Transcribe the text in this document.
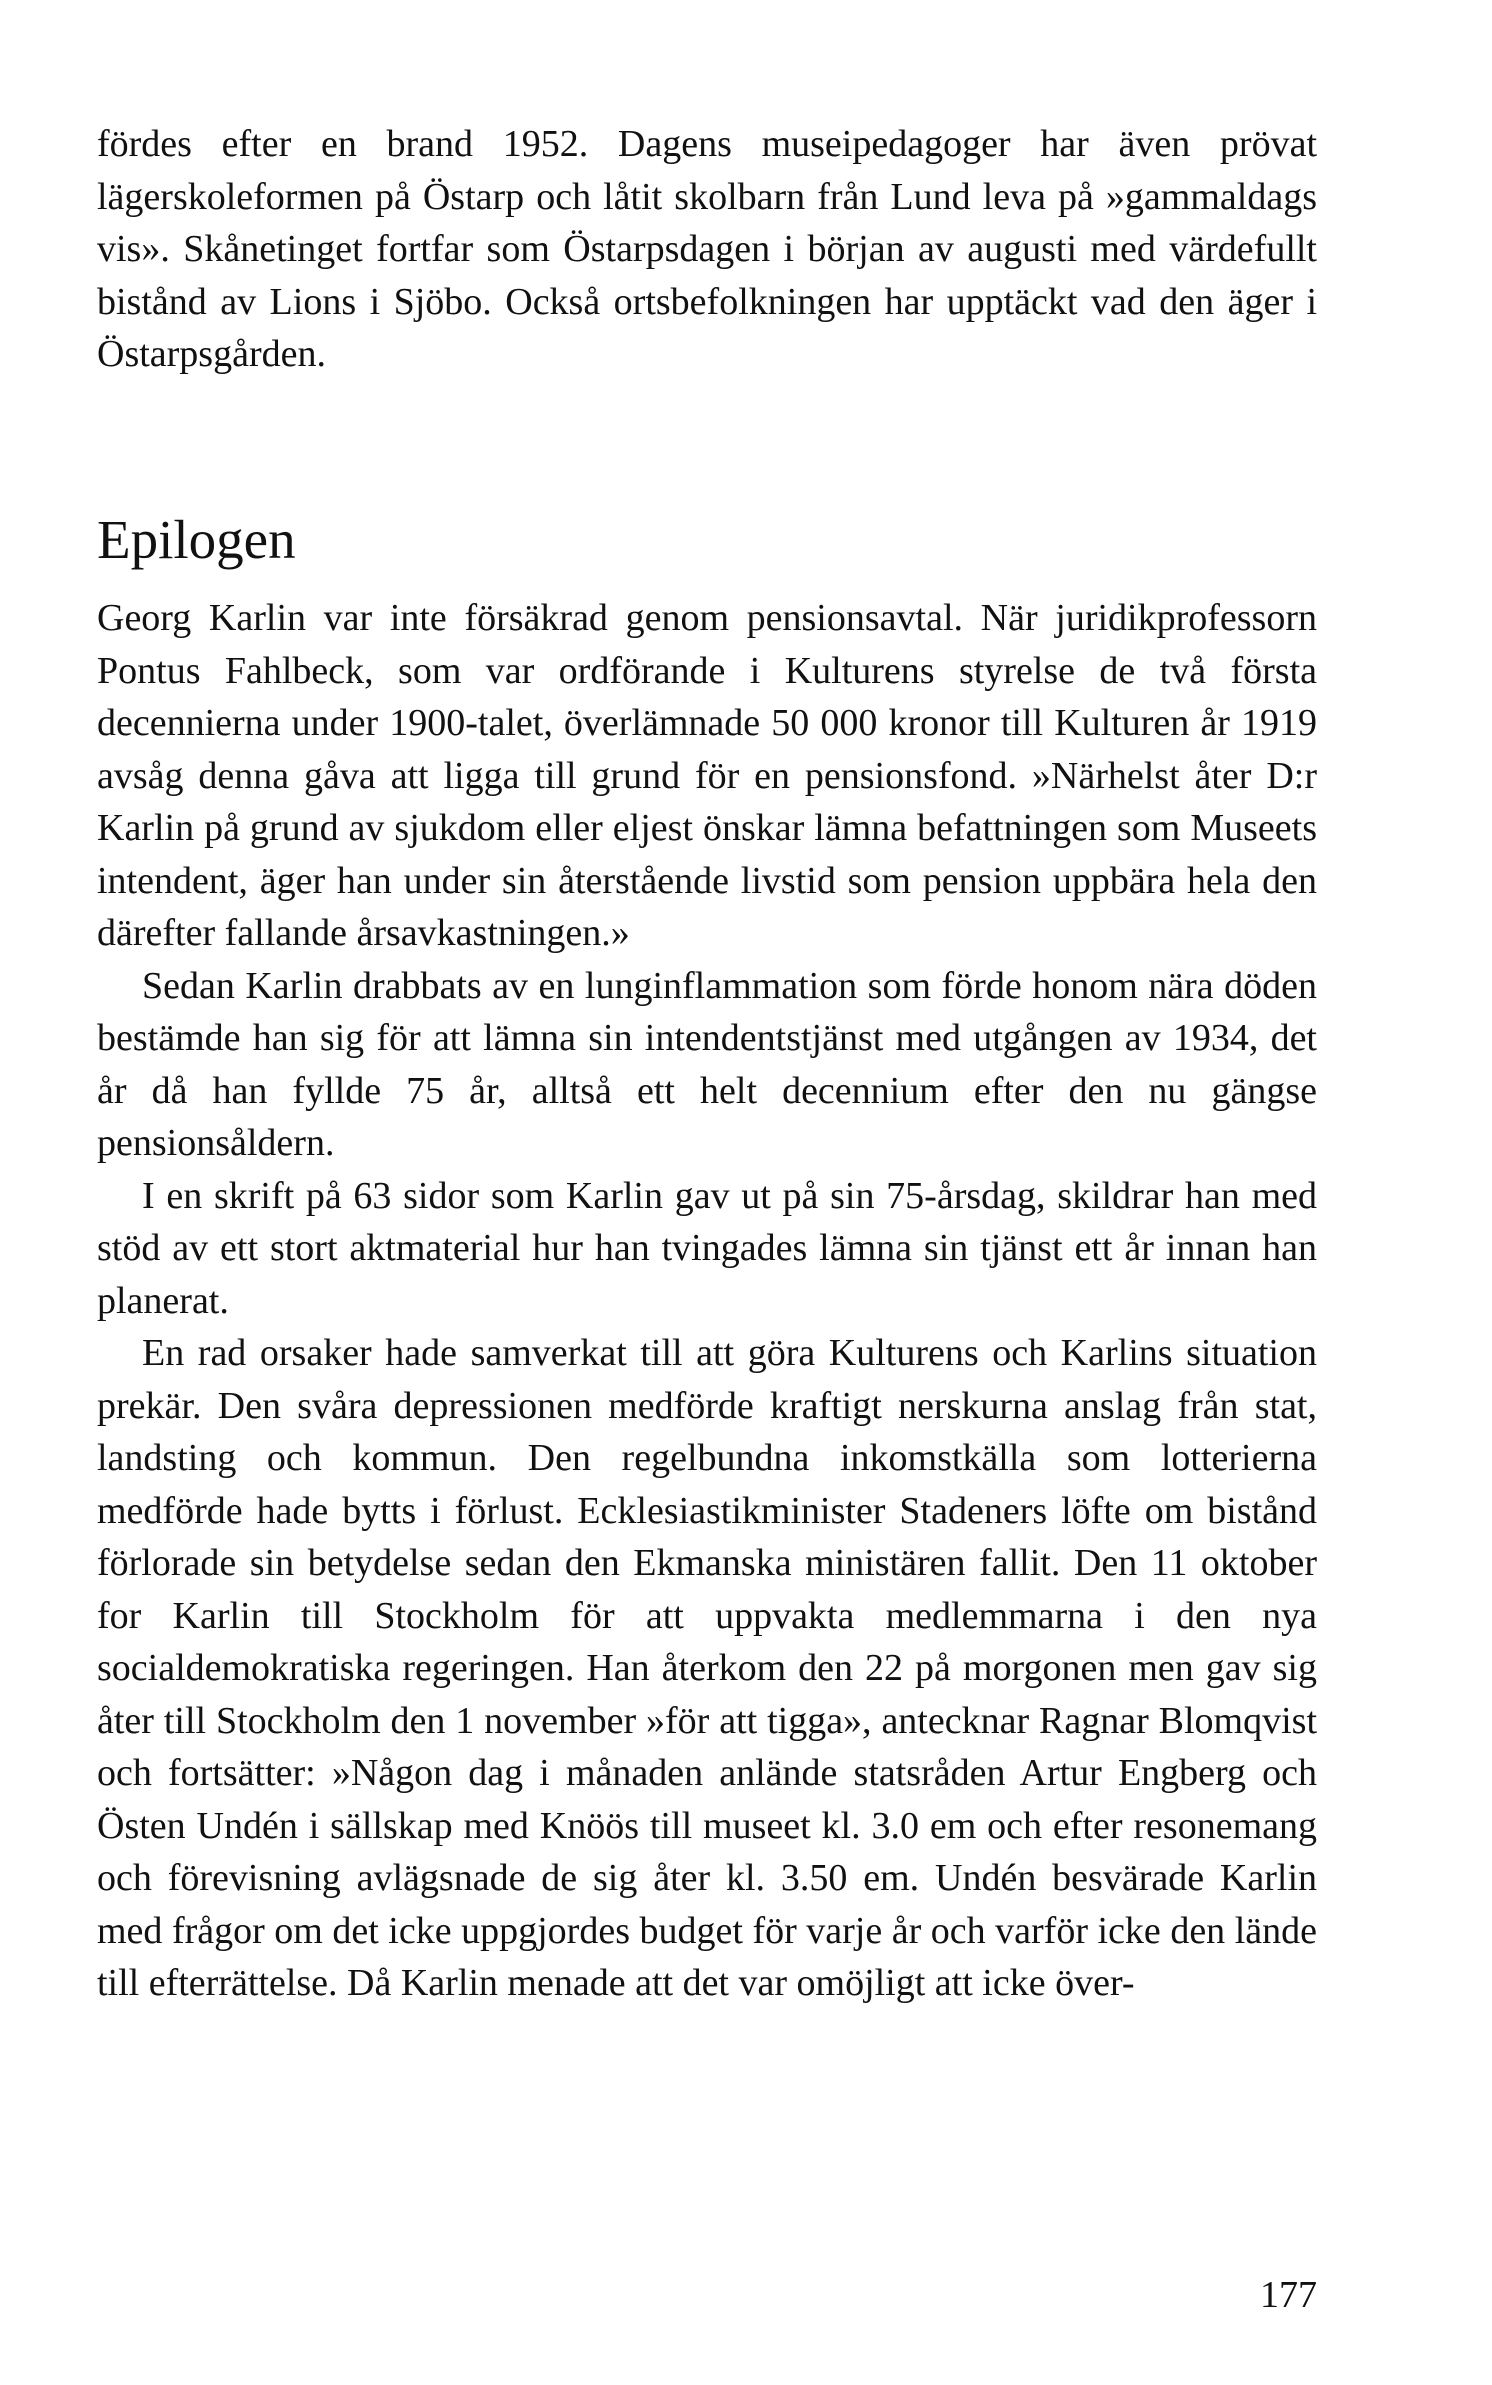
fördes efter en brand 1952. Dagens museipedagoger har även prövat lägerskoleformen på Östarp och låtit skolbarn från Lund leva på »gammaldags vis». Skånetinget fortfar som Östarpsdagen i början av augusti med värdefullt bistånd av Lions i Sjöbo. Också ortsbefolkningen har upptäckt vad den äger i Östarpsgården.

Epilogen

Georg Karlin var inte försäkrad genom pensionsavtal. När juridikprofessorn Pontus Fahlbeck, som var ordförande i Kulturens styrelse de två första decennierna under 1900-talet, överlämnade 50 000 kronor till Kulturen år 1919 avsåg denna gåva att ligga till grund för en pensionsfond. »Närhelst åter D:r Karlin på grund av sjukdom eller eljest önskar lämna befattningen som Museets intendent, äger han under sin återstående livstid som pension uppbära hela den därefter fallande årsavkastningen.»

Sedan Karlin drabbats av en lunginflammation som förde honom nära döden bestämde han sig för att lämna sin intendentstjänst med utgången av 1934, det år då han fyllde 75 år, alltså ett helt decennium efter den nu gängse pensionsåldern.

I en skrift på 63 sidor som Karlin gav ut på sin 75-årsdag, skildrar han med stöd av ett stort aktmaterial hur han tvingades lämna sin tjänst ett år innan han planerat.

En rad orsaker hade samverkat till att göra Kulturens och Karlins situation prekär. Den svåra depressionen medförde kraftigt nerskurna anslag från stat, landsting och kommun. Den regelbundna inkomstkälla som lotterierna medförde hade bytts i förlust. Ecklesiastikminister Stadeners löfte om bistånd förlorade sin betydelse sedan den Ekmanska ministären fallit. Den 11 oktober for Karlin till Stockholm för att uppvakta medlemmarna i den nya socialdemokratiska regeringen. Han återkom den 22 på morgonen men gav sig åter till Stockholm den 1 november »för att tigga», antecknar Ragnar Blomqvist och fortsätter: »Någon dag i månaden anlände statsråden Artur Engberg och Östen Undén i sällskap med Knöös till museet kl. 3.0 em och efter resonemang och förevisning avlägsnade de sig åter kl. 3.50 em. Undén besvärade Karlin med frågor om det icke uppgjordes budget för varje år och varför icke den lände till efterrättelse. Då Karlin menade att det var omöjligt att icke över-

177
